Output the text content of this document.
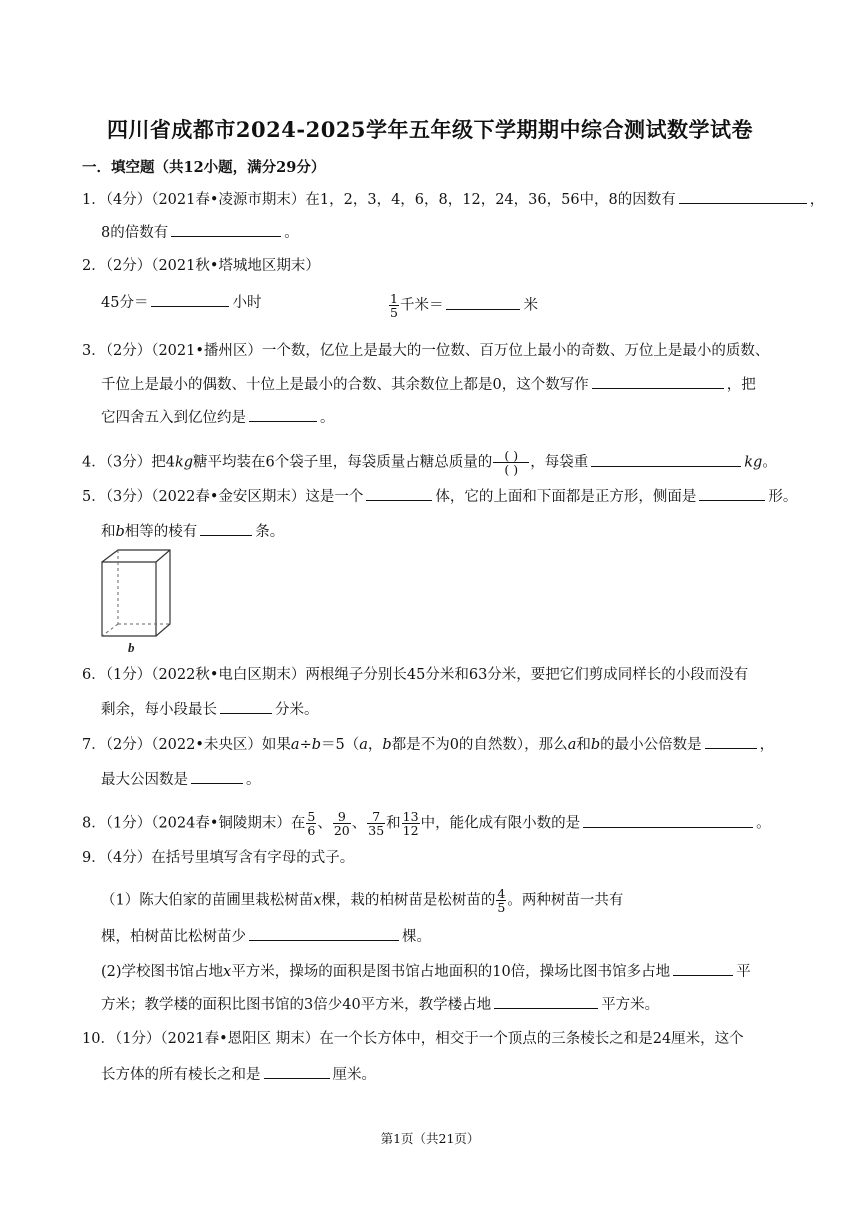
四川省成都市2024-2025学年五年级下学期期中综合测试数学试卷
一．填空题（共12小题，满分29分）
1．（4分）（2021春•凌源市期末）在1，2，3，4，6，8，12，24，36，56中，8的因数有	，
8的倍数有	。
2．（2分）（2021秋•塔城地区期末）
45分＝	小时	$\frac{1}{5}$ 千米＝	米
3．（2分）（2021•播州区）一个数，亿位上是最大的一位数、百万位上最小的奇数、万位上是最小的质数、
千位上是最小的偶数、十位上是最小的合数、其余数位上都是0，这个数写作	，把
它四舍五入到亿位约是	。
4．（3分）把4kg糖平均装在6个袋子里，每袋质量占糖总质量的 $\frac{( )}{( )}$ ，每袋重	kg。
5．（3分）（2022春•金安区期末）这是一个	体，它的上面和下面都是正方形，侧面是	形。
和b相等的棱有	条。
b
6．（1分）（2022秋•电白区期末）两根绳子分别长45分米和63分米，要把它们剪成同样长的小段而没有
剩余，每小段最长	分米。
7．（2分）（2022•未央区）如果a÷b＝5（a，b都是不为0的自然数），那么a和b的最小公倍数是	，
最大公因数是	。
8．（1分）（2024春•铜陵期末）在 $\frac{5}{6}$ 、 $\frac{9}{20}$ 、 $\frac{7}{35}$ 和 $\frac{13}{12}$ 中，能化成有限小数的是	。
9．（4分）在括号里填写含有字母的式子。
（1）陈大伯家的苗圃里栽松树苗x棵，栽的柏树苗是松树苗的 $\frac{4}{5}$ 。两种树苗一共有
棵，柏树苗比松树苗少	棵。
(2)学校图书馆占地x平方米，操场的面积是图书馆占地面积的10倍，操场比图书馆多占地	平
方米；教学楼的面积比图书馆的3倍少40平方米，教学楼占地	平方米。
10．（1分）（2021春•恩阳区 期末）在一个长方体中，相交于一个顶点的三条棱长之和是24厘米，这个
长方体的所有棱长之和是	厘米。
第1页（共21页）
